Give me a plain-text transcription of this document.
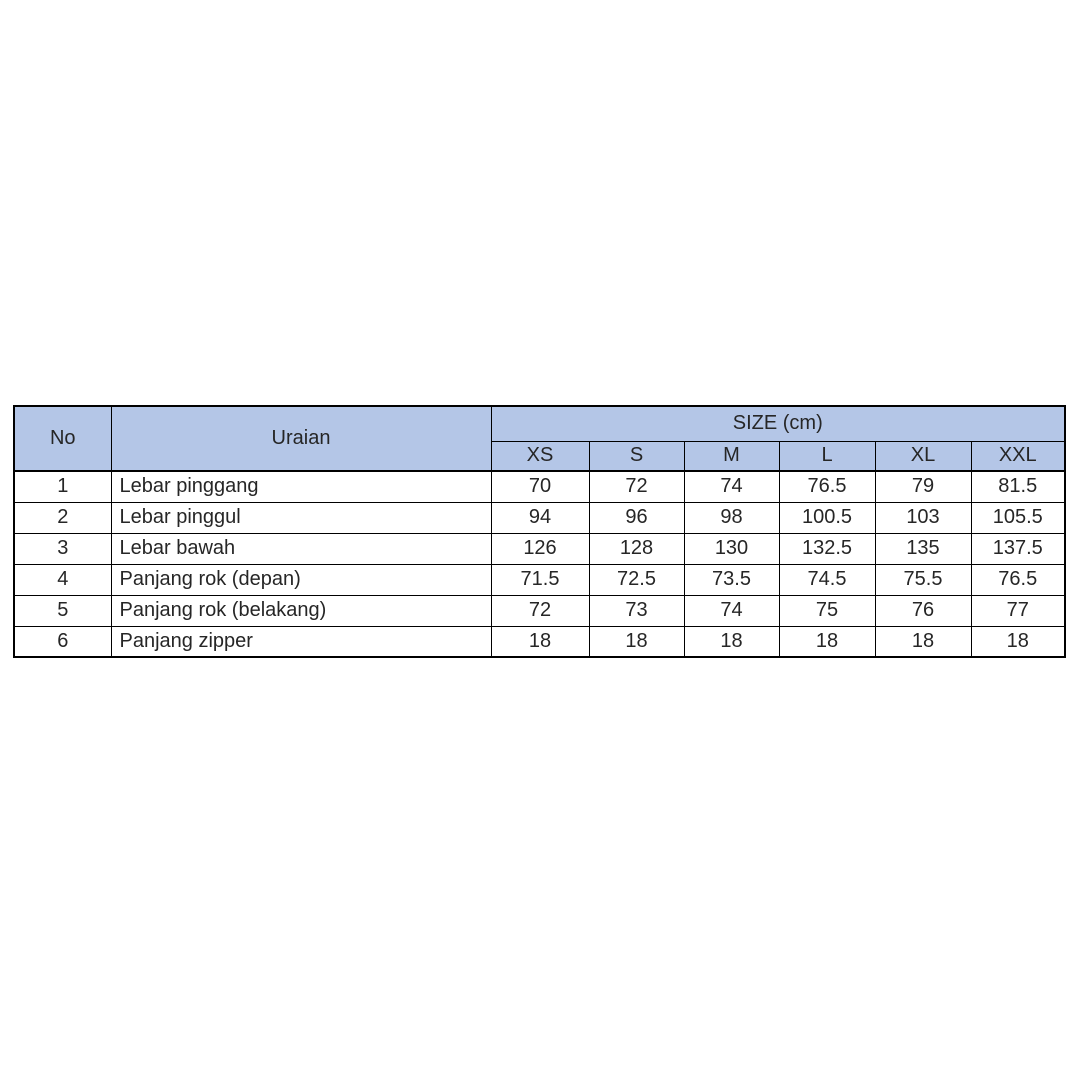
No	Uraian	SIZE (cm)					
		XS	S	M	L	XL	XXL
1	Lebar pinggang	70	72	74	76.5	79	81.5
2	Lebar pinggul	94	96	98	100.5	103	105.5
3	Lebar bawah	126	128	130	132.5	135	137.5
4	Panjang rok (depan)	71.5	72.5	73.5	74.5	75.5	76.5
5	Panjang rok (belakang)	72	73	74	75	76	77
6	Panjang zipper	18	18	18	18	18	18
